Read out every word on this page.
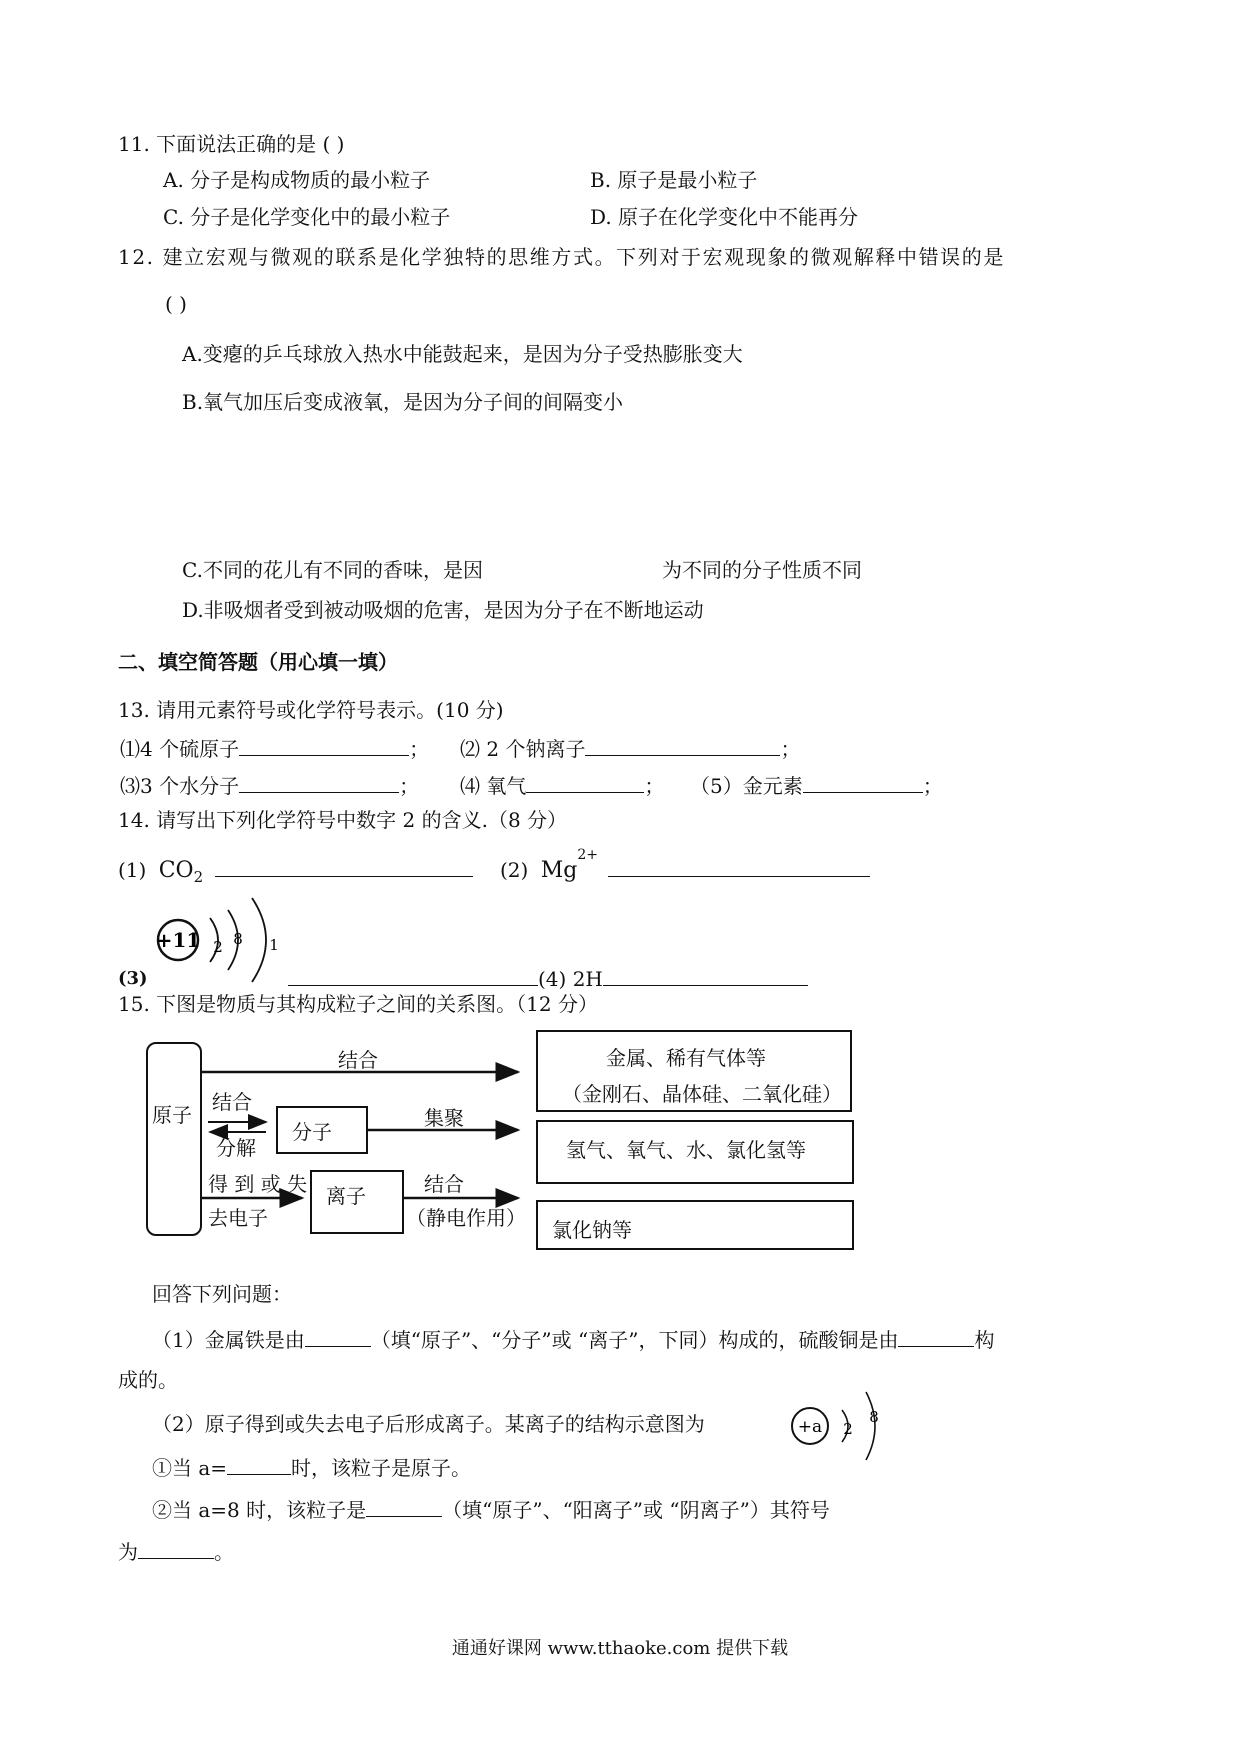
11. 下面说法正确的是 ( )
A. 分子是构成物质的最小粒子	B. 原子是最小粒子
C. 分子是化学变化中的最小粒子	D. 原子在化学变化中不能再分
12. 建立宏观与微观的联系是化学独特的思维方式。下列对于宏观现象的微观解释中错误的是
( )
A.变瘪的乒乓球放入热水中能鼓起来，是因为分子受热膨胀变大
B.氧气加压后变成液氧，是因为分子间的间隔变小
C.不同的花儿有不同的香味，是因	为不同的分子性质不同
D.非吸烟者受到被动吸烟的危害，是因为分子在不断地运动
二、填空简答题（用心填一填）
13. 请用元素符号或化学符号表示。(10 分)
⑴4 个硫原子	； ⑵ 2 个钠离子	；
⑶3 个水分子	； ⑷ 氧气	； （5）金元素	；
14. 请写出下列化学符号中数字 2 的含义.（8 分）
(1) $CO_2$	(2) $Mg^{2+}$
+11 2 8 1
(3)	(4) 2H
15. 下图是物质与其构成粒子之间的关系图。（12 分）
原子
分子
离子
金属、稀有气体等
（金刚石、晶体硅、二氧化硅）
氢气、氧气、水、氯化氢等
氯化钠等
结合
结合
分解
集聚
得 到 或 失
去电子
结合
（静电作用）
回答下列问题：
（1）金属铁是由	（填“原子”、“分子”或 “离子”，下同）构成的，硫酸铜是由	构
成的。
（2）原子得到或失去电子后形成离子。某离子的结构示意图为	+a 2
8
①当 a=	时，该粒子是原子。
②当 a=8 时，该粒子是	（填“原子”、“阳离子”或 “阴离子”）其符号
为	。
通通好课网 www.tthaoke.com 提供下载
